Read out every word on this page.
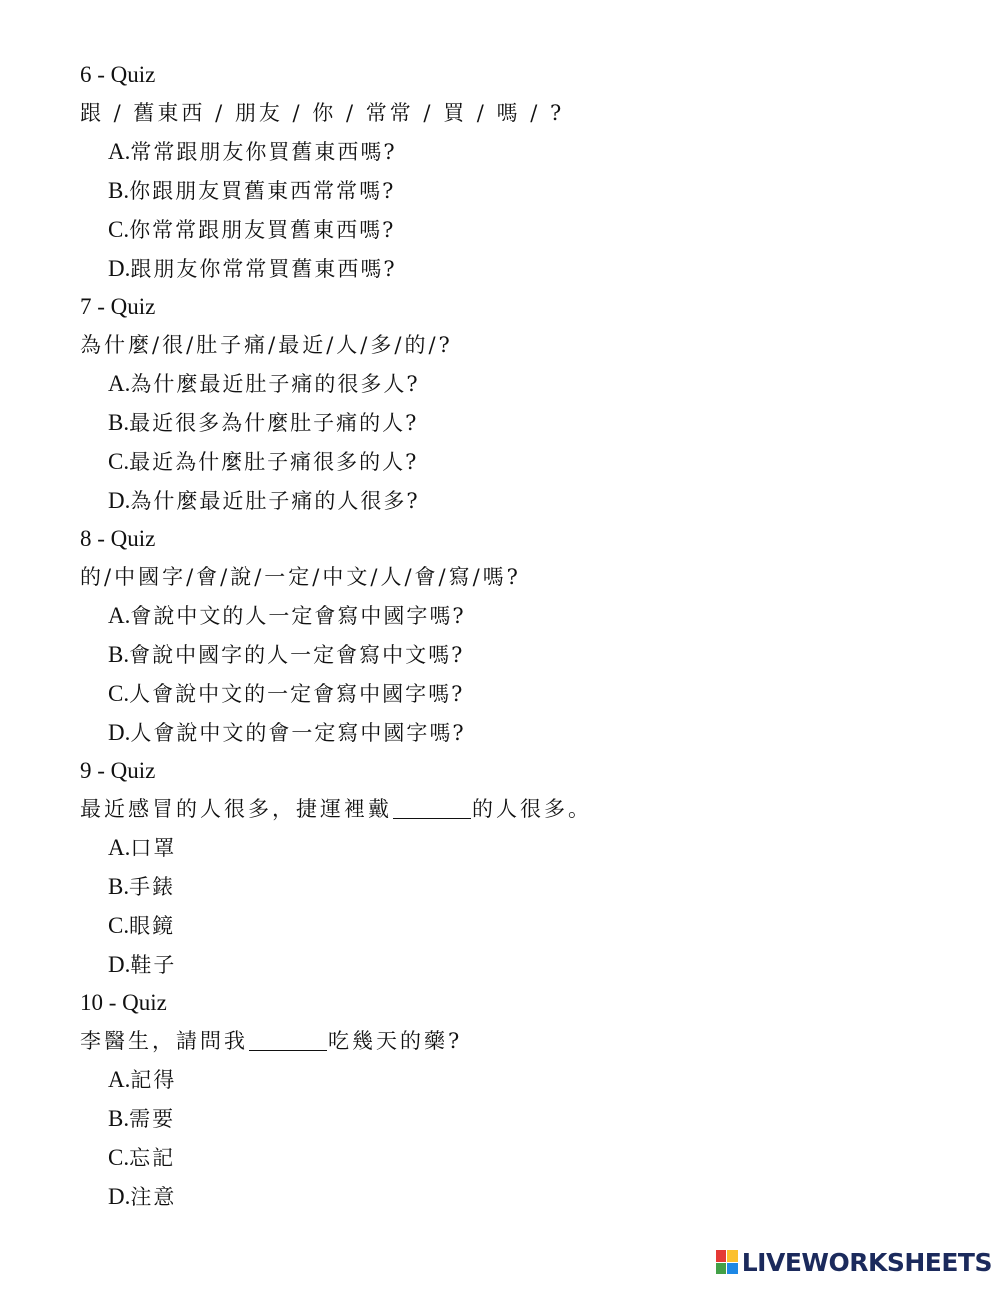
6 - Quiz
跟 / 舊東西 / 朋友 / 你 / 常常 / 買 / 嗎 / ?
A.常常跟朋友你買舊東西嗎?
B.你跟朋友買舊東西常常嗎?
C.你常常跟朋友買舊東西嗎?
D.跟朋友你常常買舊東西嗎?
7 - Quiz
為什麼/很/肚子痛/最近/人/多/的/?
A.為什麼最近肚子痛的很多人?
B.最近很多為什麼肚子痛的人?
C.最近為什麼肚子痛很多的人?
D.為什麼最近肚子痛的人很多?
8 - Quiz
的/中國字/會/說/一定/中文/人/會/寫/嗎?
A.會說中文的人一定會寫中國字嗎?
B.會說中國字的人一定會寫中文嗎?
C.人會說中文的一定會寫中國字嗎?
D.人會說中文的會一定寫中國字嗎?
9 - Quiz
最近感冒的人很多，捷運裡戴	的人很多。
A.口罩
B.手錶
C.眼鏡
D.鞋子
10 - Quiz
李醫生，請問我	吃幾天的藥?
A.記得
B.需要
C.忘記
D.注意
LIVEWORKSHEETS
